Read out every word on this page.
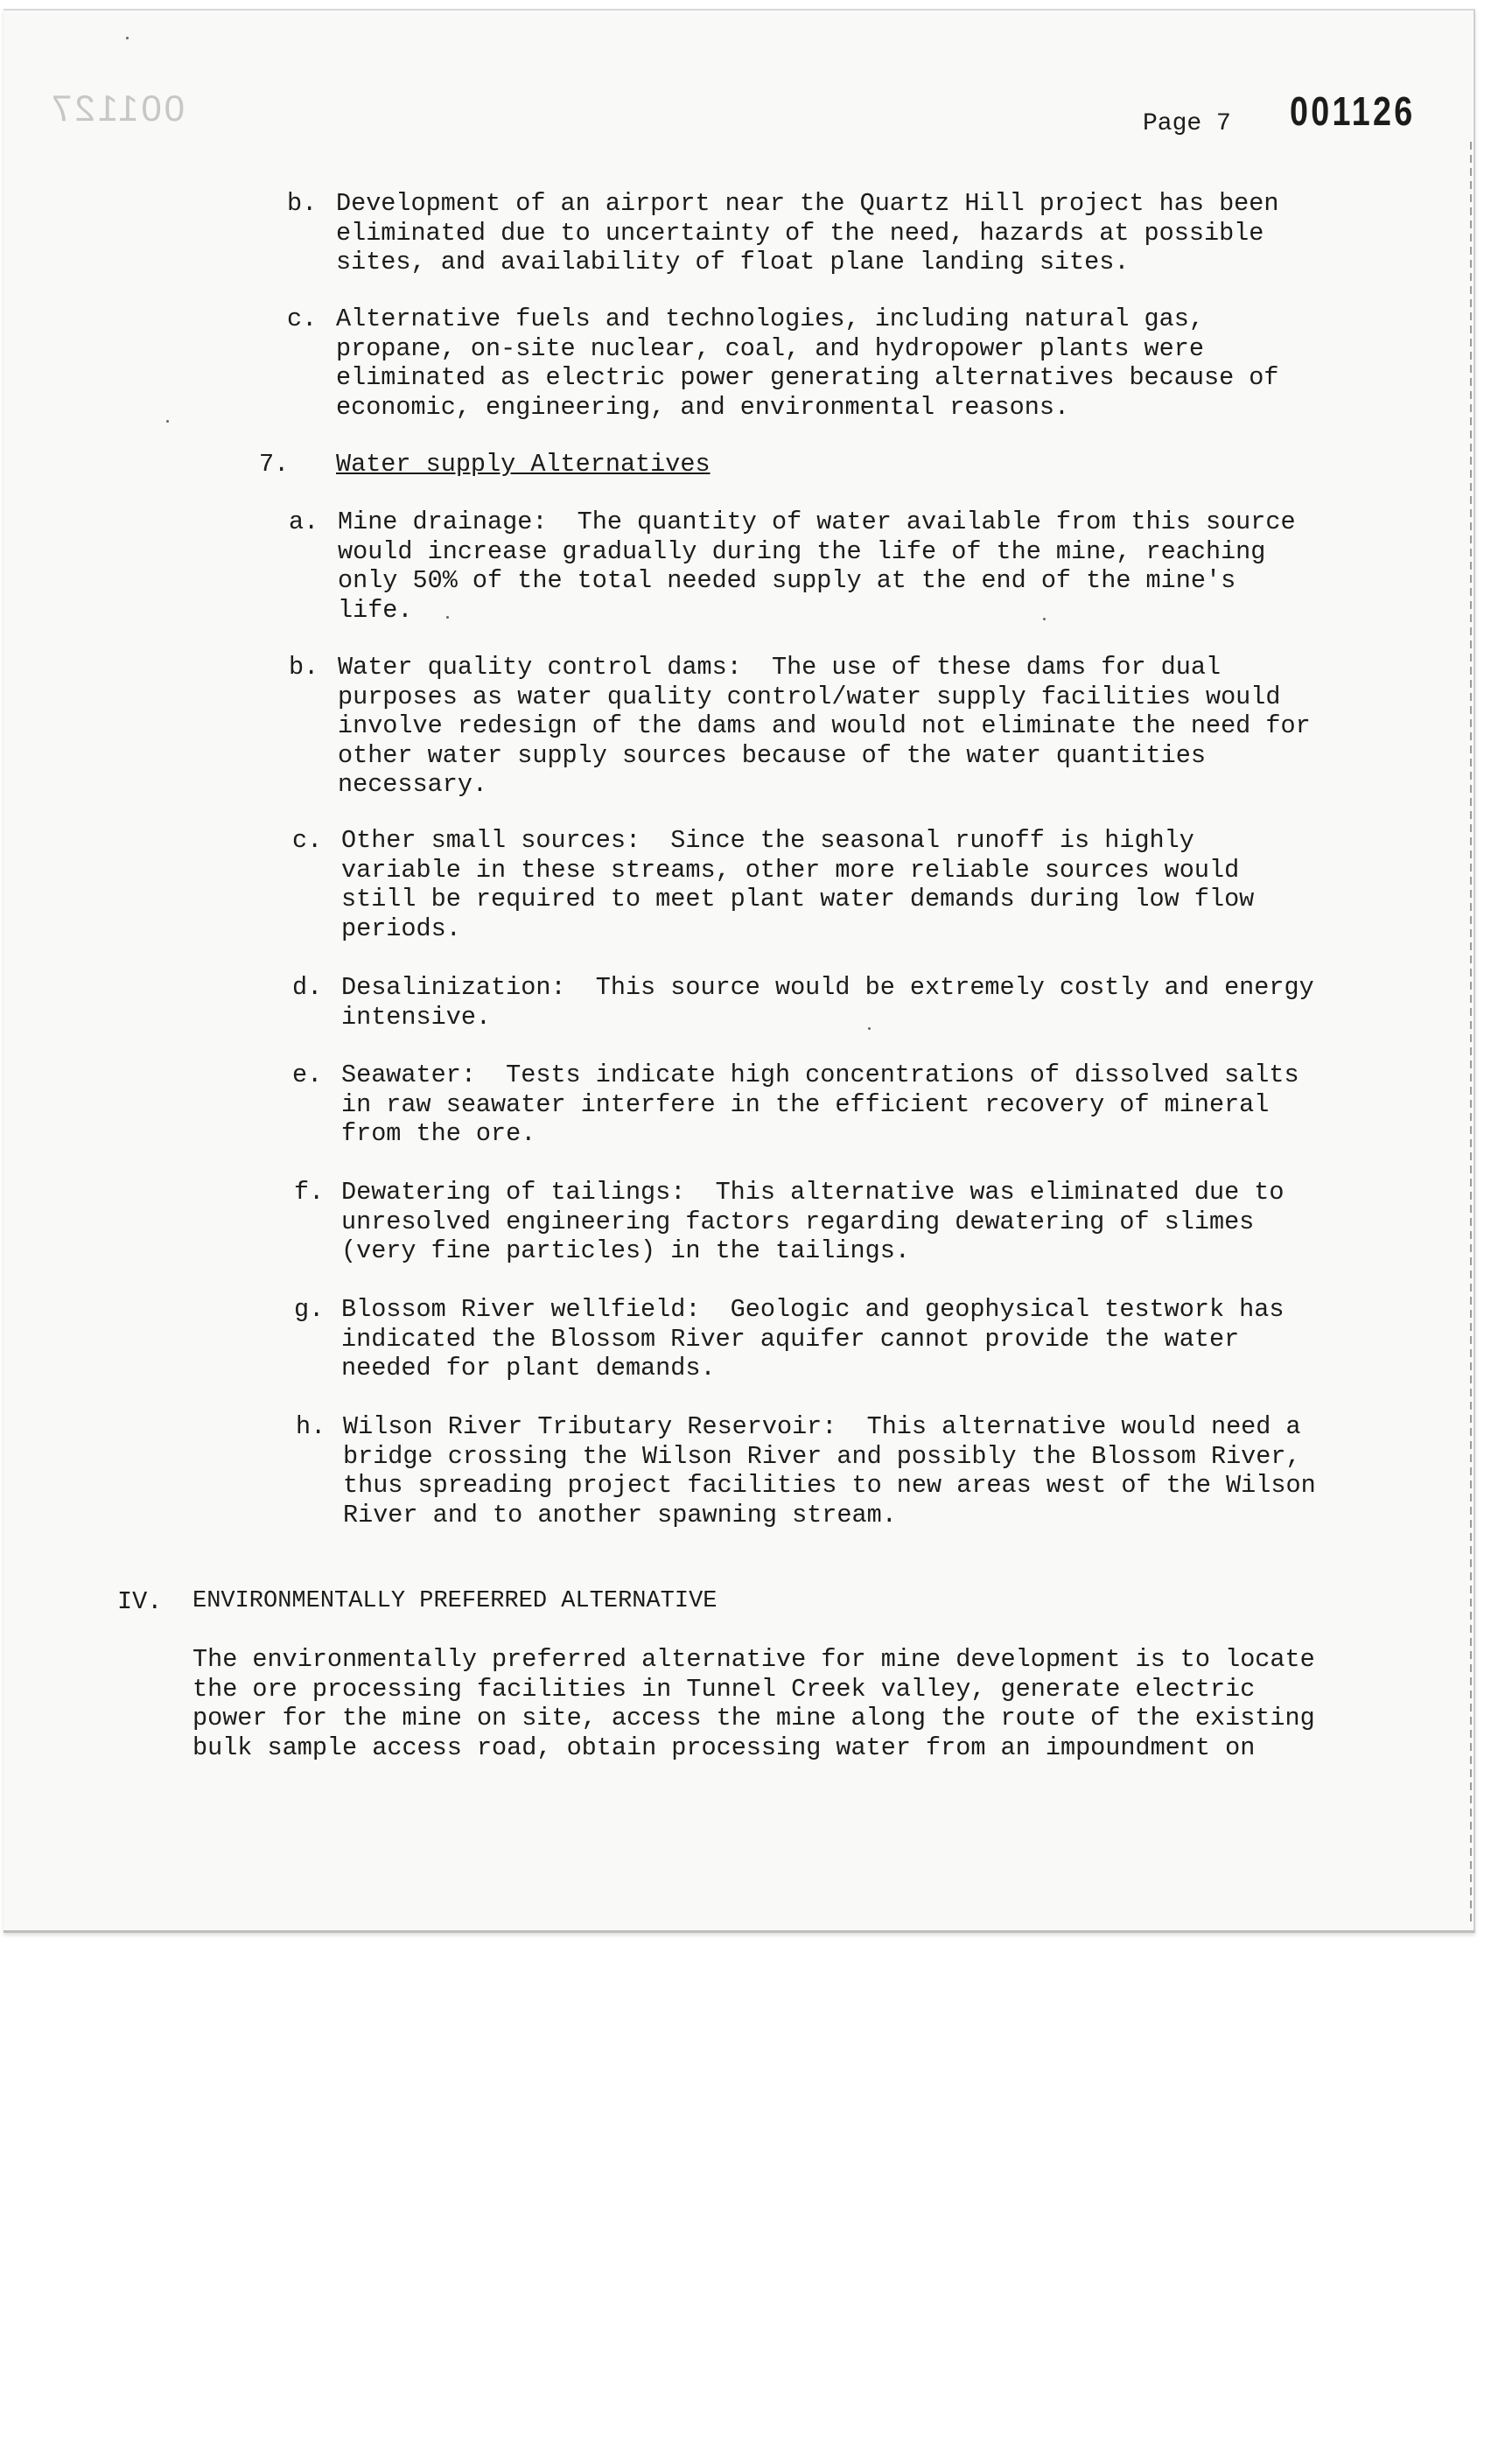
001127	Page 7 001126
b. Development of an airport near the Quartz Hill project has been
eliminated due to uncertainty of the need, hazards at possible
sites, and availability of float plane landing sites.
c. Alternative fuels and technologies, including natural gas,
propane, on-site nuclear, coal, and hydropower plants were
eliminated as electric power generating alternatives because of
economic, engineering, and environmental reasons.
7. Water supply Alternatives
a. Mine drainage:  The quantity of water available from this source
would increase gradually during the life of the mine, reaching
only 50% of the total needed supply at the end of the mine's
life.
b. Water quality control dams:  The use of these dams for dual
purposes as water quality control/water supply facilities would
involve redesign of the dams and would not eliminate the need for
other water supply sources because of the water quantities
necessary.
c. Other small sources:  Since the seasonal runoff is highly
variable in these streams, other more reliable sources would
still be required to meet plant water demands during low flow
periods.
d. Desalinization:  This source would be extremely costly and energy
intensive.
e. Seawater:  Tests indicate high concentrations of dissolved salts
in raw seawater interfere in the efficient recovery of mineral
from the ore.
f. Dewatering of tailings:  This alternative was eliminated due to
unresolved engineering factors regarding dewatering of slimes
(very fine particles) in the tailings.
g. Blossom River wellfield:  Geologic and geophysical testwork has
indicated the Blossom River aquifer cannot provide the water
needed for plant demands.
h. Wilson River Tributary Reservoir:  This alternative would need a
bridge crossing the Wilson River and possibly the Blossom River,
thus spreading project facilities to new areas west of the Wilson
River and to another spawning stream.
IV. ENVIRONMENTALLY PREFERRED ALTERNATIVE
The environmentally preferred alternative for mine development is to locate
the ore processing facilities in Tunnel Creek valley, generate electric
power for the mine on site, access the mine along the route of the existing
bulk sample access road, obtain processing water from an impoundment on
